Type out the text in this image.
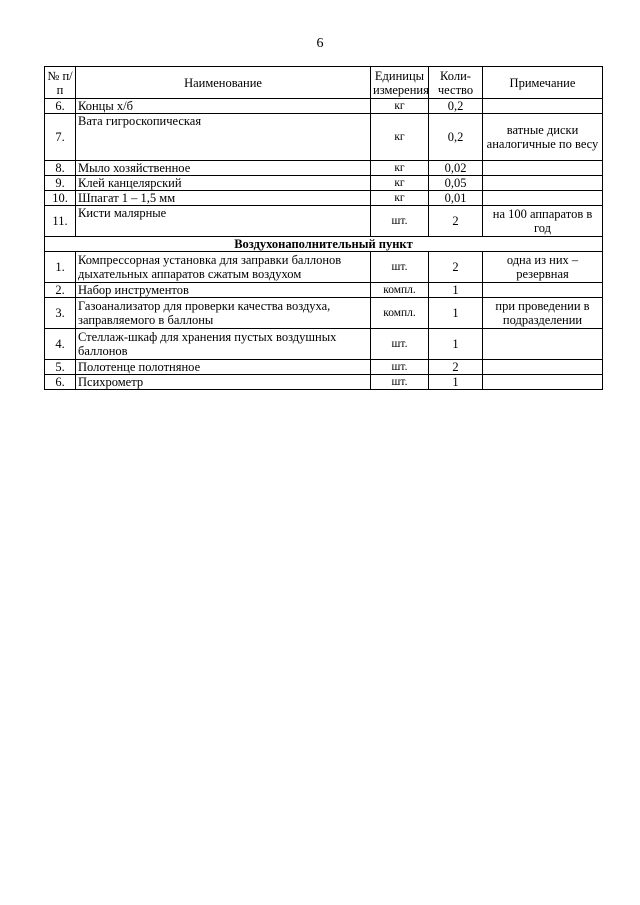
6
№ п/п	Наименование	Единицы измерения	Коли-чество	Примечание
6.	Концы х/б	кг	0,2	
7.	Вата гигроскопическая	кг	0,2	ватные диски аналогичные по весу
8.	Мыло хозяйственное	кг	0,02	
9.	Клей канцелярский	кг	0,05	
10.	Шпагат 1 – 1,5 мм	кг	0,01	
11.	Кисти малярные	шт.	2	на 100 аппаратов в год
Воздухонаполнительный пункт				
1.	Компрессорная установка для заправки баллонов дыхательных аппаратов сжатым воздухом	шт.	2	одна из них – резервная
2.	Набор инструментов	компл.	1	
3.	Газоанализатор для проверки качества воздуха, заправляемого в баллоны	компл.	1	при проведении в подразделении
4.	Стеллаж-шкаф для хранения пустых воздушных баллонов	шт.	1	
5.	Полотенце полотняное	шт.	2	
6.	Психрометр	шт.	1	
